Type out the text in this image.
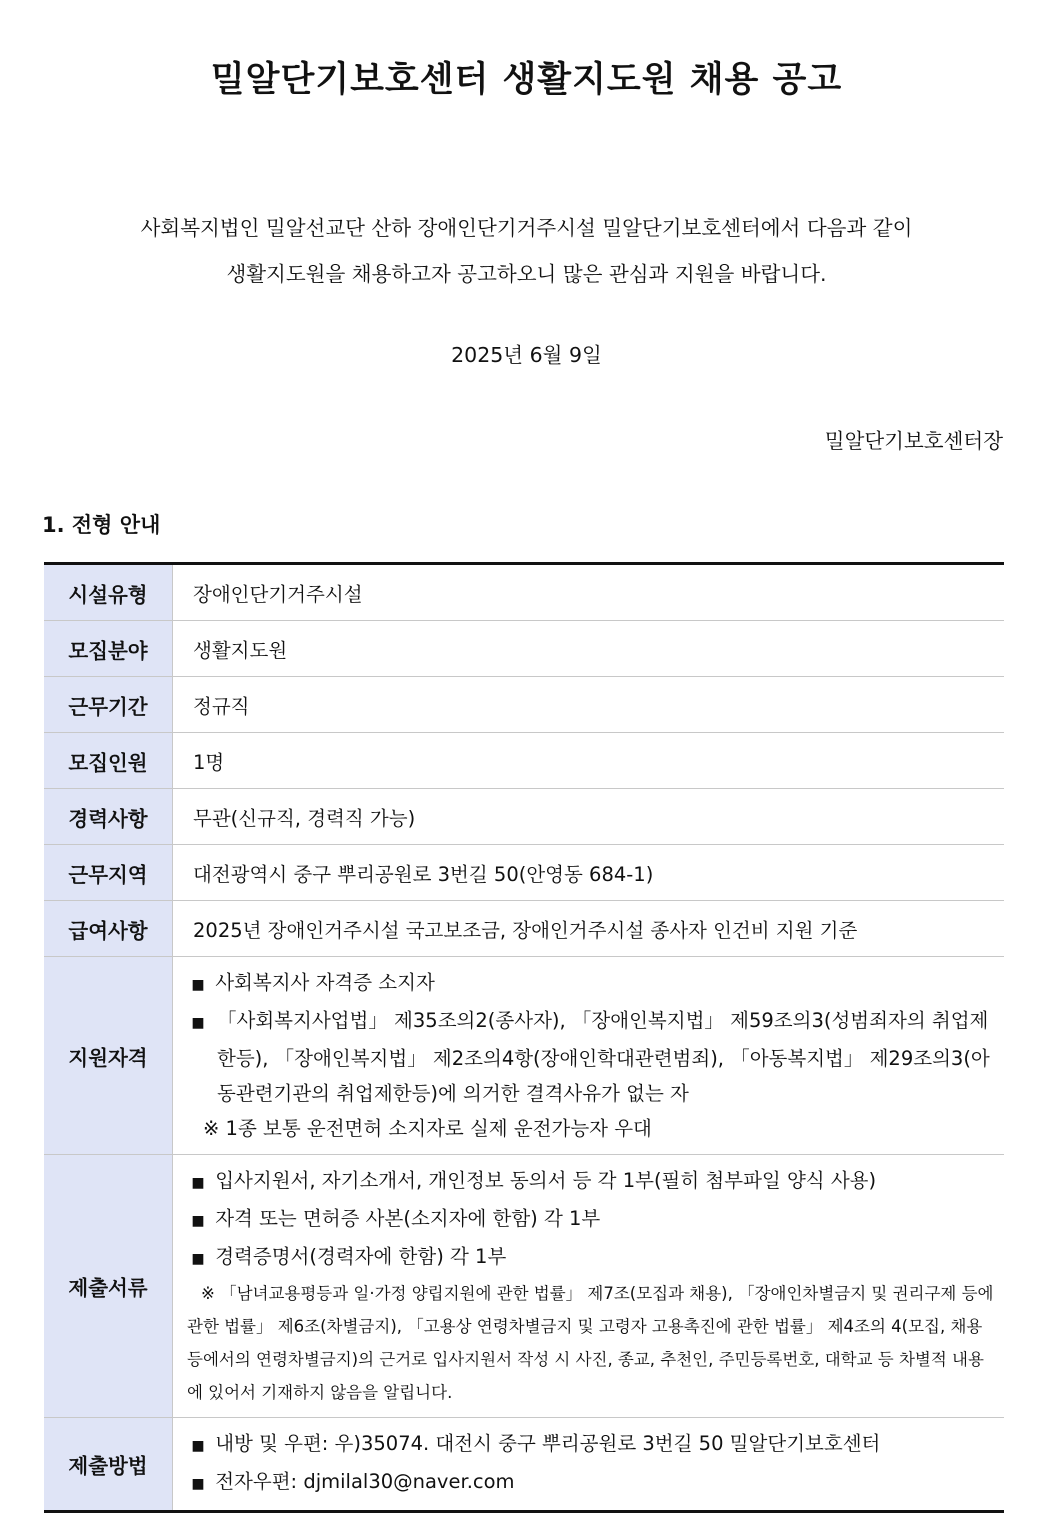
밀알단기보호센터 생활지도원 채용 공고
사회복지법인 밀알선교단 산하 장애인단기거주시설 밀알단기보호센터에서 다음과 같이
생활지도원을 채용하고자 공고하오니 많은 관심과 지원을 바랍니다.
2025년 6월 9일
밀알단기보호센터장
1. 전형 안내
시설유형	장애인단기거주시설
모집분야	생활지도원
근무기간	정규직
모집인원	1명
경력사항	무관(신규직, 경력직 가능)
근무지역	대전광역시 중구 뿌리공원로 3번길 50(안영동 684-1)
급여사항	2025년 장애인거주시설 국고보조금, 장애인거주시설 종사자 인건비 지원 기준
지원자격	■ 사회복지사 자격증 소지자
■ 「사회복지사업법」 제35조의2(종사자), 「장애인복지법」 제59조의3(성범죄자의 취업제한등), 「장애인복지법」 제2조의4항(장애인학대관련범죄), 「아동복지법」 제29조의3(아동관련기관의 취업제한등)에 의거한 결격사유가 없는 자
※ 1종 보통 운전면허 소지자로 실제 운전가능자 우대

제출서류	■ 입사지원서, 자기소개서, 개인정보 동의서 등 각 1부(필히 첨부파일 양식 사용)
■ 자격 또는 면허증 사본(소지자에 한함) 각 1부
■ 경력증명서(경력자에 한함) 각 1부
※ 「남녀교용평등과 일·가정 양립지원에 관한 법률」 제7조(모집과 채용), 「장애인차별금지 및 권리구제 등에 관한 법률」 제6조(차별금지), 「고용상 연령차별금지 및 고령자 고용촉진에 관한 법률」 제4조의 4(모집, 채용 등에서의 연령차별금지)의 근거로 입사지원서 작성 시 사진, 종교, 추천인, 주민등록번호, 대학교 등 차별적 내용에 있어서 기재하지 않음을 알립니다.

제출방법	■ 내방 및 우편: 우)35074. 대전시 중구 뿌리공원로 3번길 50 밀알단기보호센터
■ 전자우편: djmilal30@naver.com
